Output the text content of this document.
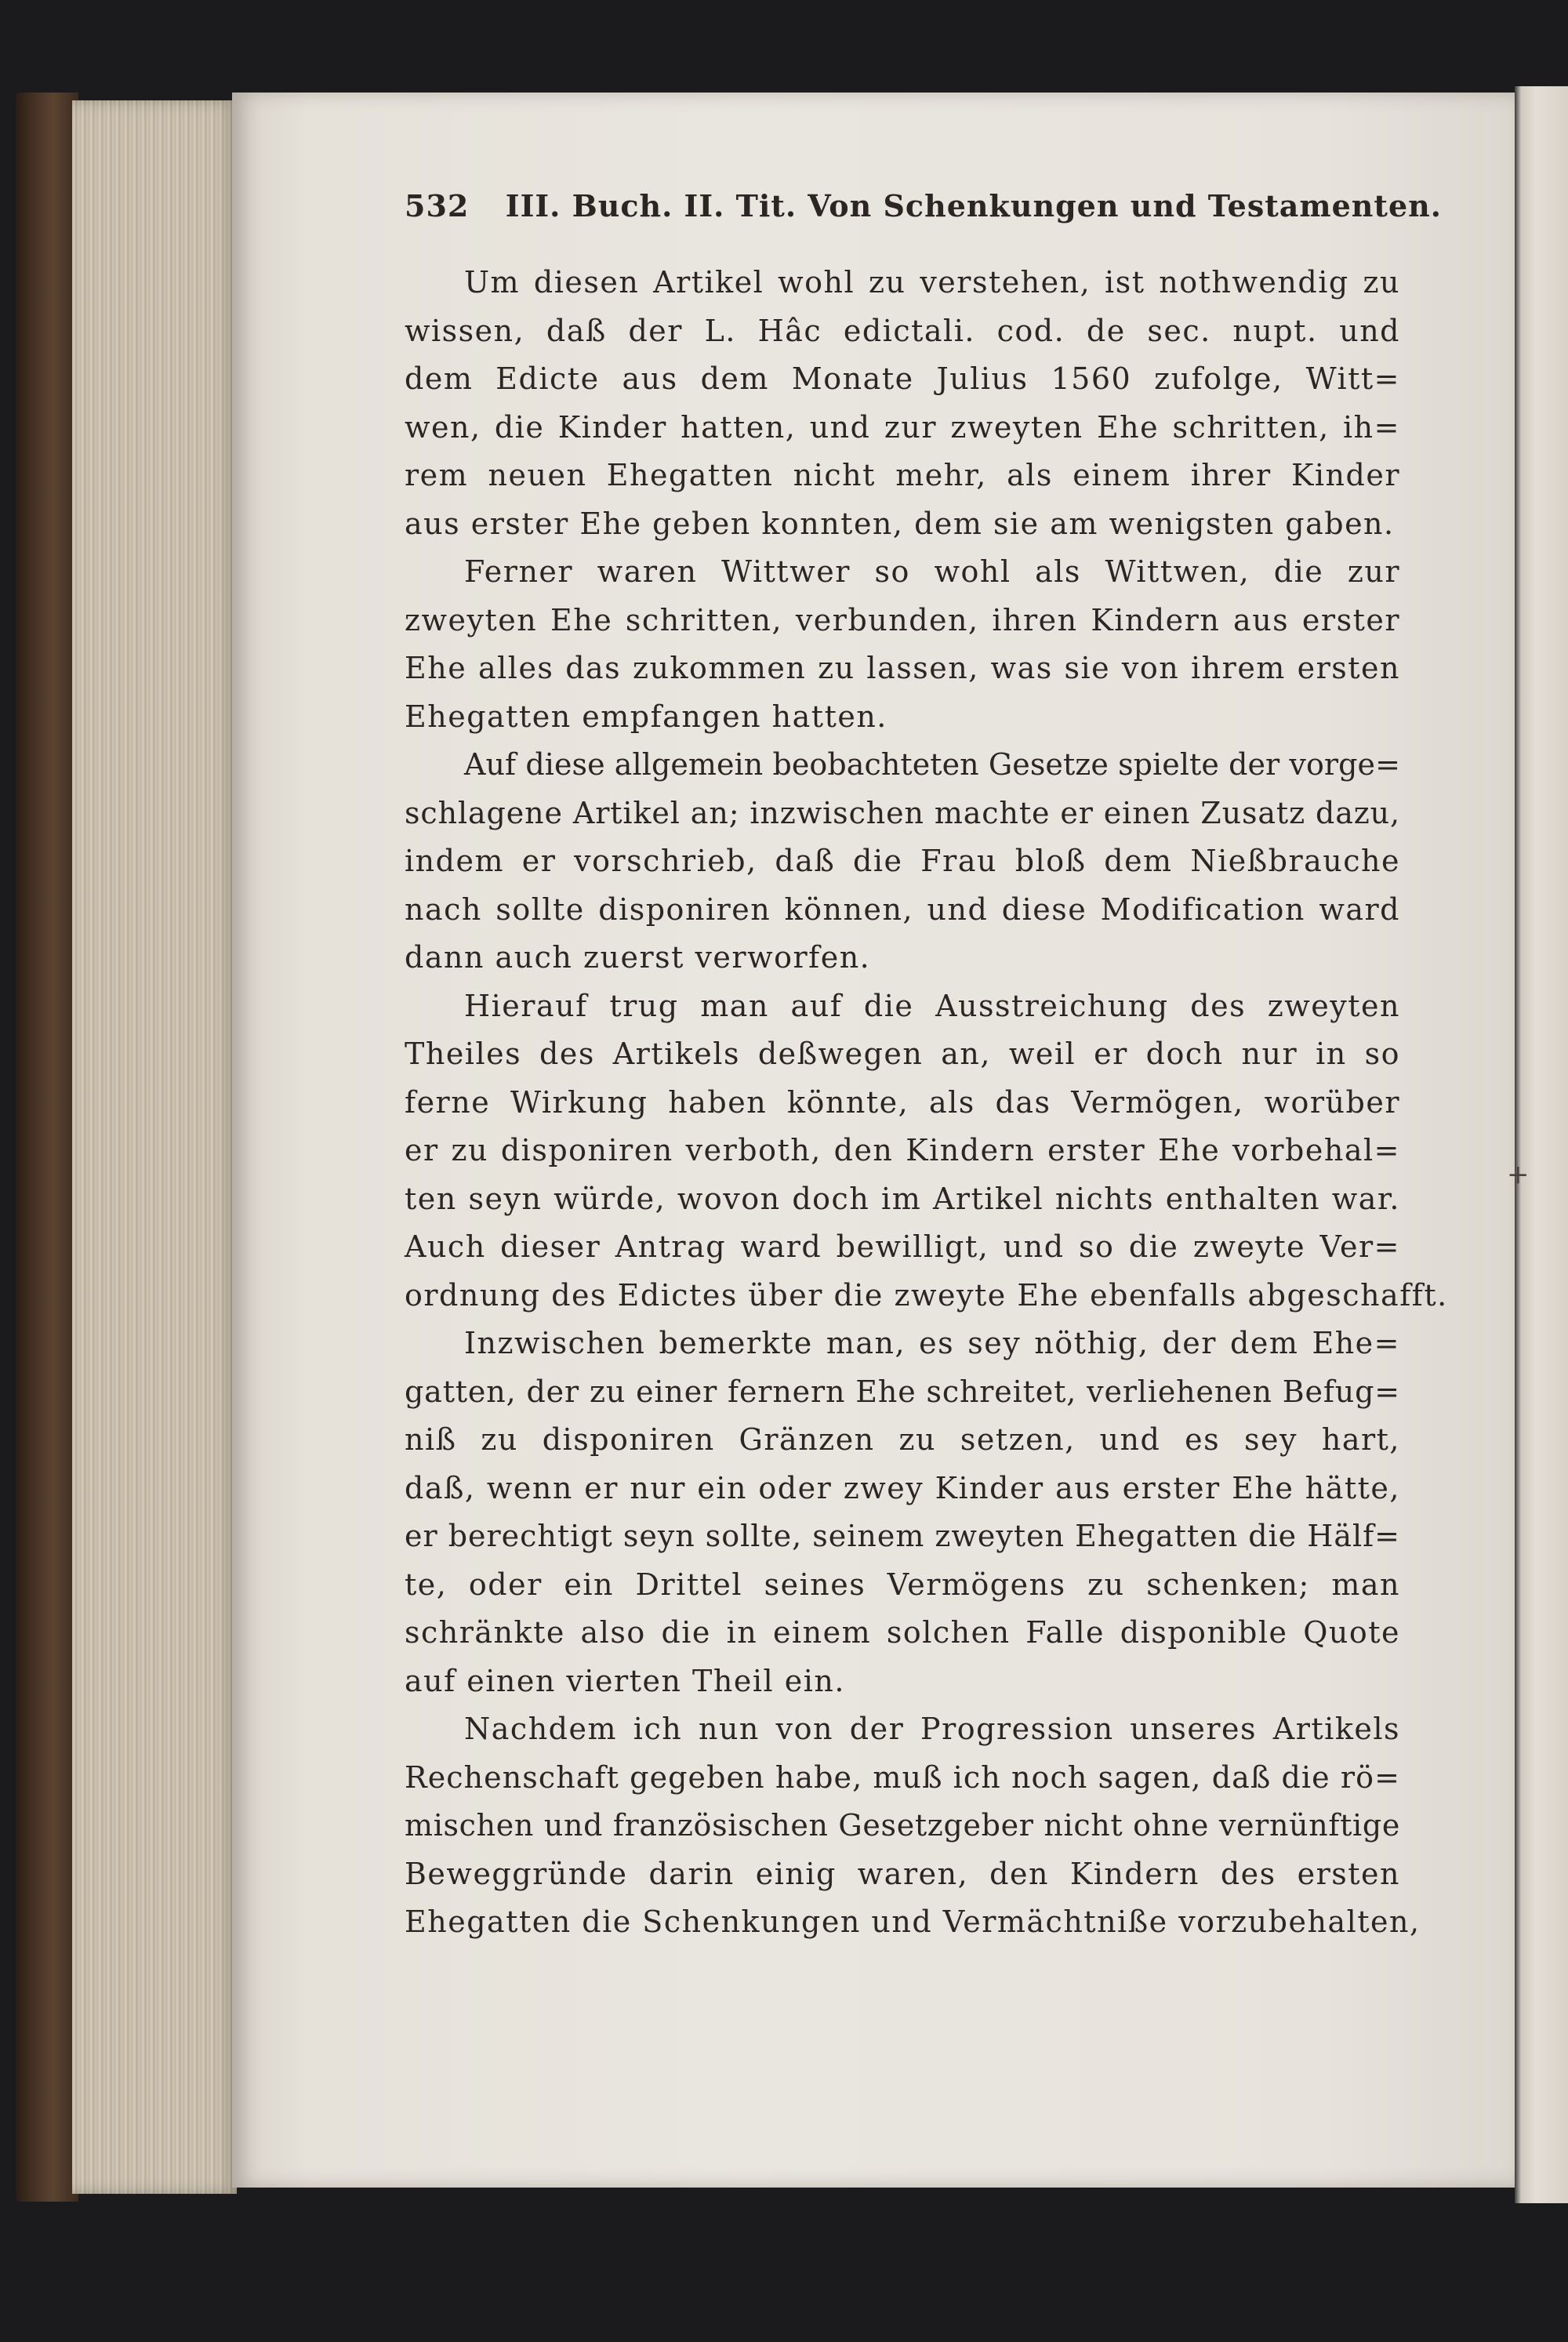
532 III. Buch. II. Tit. Von Schenkungen und Testamenten.
Um diesen Artikel wohl zu verstehen, ist nothwendig zu
wissen, daß der L. Hâc edictali. cod. de sec. nupt. und
dem Edicte aus dem Monate Julius 1560 zufolge, Witt=
wen, die Kinder hatten, und zur zweyten Ehe schritten, ih=
rem neuen Ehegatten nicht mehr, als einem ihrer Kinder
aus erster Ehe geben konnten, dem sie am wenigsten gaben.
Ferner waren Wittwer so wohl als Wittwen, die zur
zweyten Ehe schritten, verbunden, ihren Kindern aus erster
Ehe alles das zukommen zu lassen, was sie von ihrem ersten
Ehegatten empfangen hatten.
Auf diese allgemein beobachteten Gesetze spielte der vorge=
schlagene Artikel an; inzwischen machte er einen Zusatz dazu,
indem er vorschrieb, daß die Frau bloß dem Nießbrauche
nach sollte disponiren können, und diese Modification ward
dann auch zuerst verworfen.
Hierauf trug man auf die Ausstreichung des zweyten
Theiles des Artikels deßwegen an, weil er doch nur in so
ferne Wirkung haben könnte, als das Vermögen, worüber
er zu disponiren verboth, den Kindern erster Ehe vorbehal=
ten seyn würde, wovon doch im Artikel nichts enthalten war.
Auch dieser Antrag ward bewilligt, und so die zweyte Ver=
ordnung des Edictes über die zweyte Ehe ebenfalls abgeschafft.
Inzwischen bemerkte man, es sey nöthig, der dem Ehe=
gatten, der zu einer fernern Ehe schreitet, verliehenen Befug=
niß zu disponiren Gränzen zu setzen, und es sey hart,
daß, wenn er nur ein oder zwey Kinder aus erster Ehe hätte,
er berechtigt seyn sollte, seinem zweyten Ehegatten die Hälf=
te, oder ein Drittel seines Vermögens zu schenken; man
schränkte also die in einem solchen Falle disponible Quote
auf einen vierten Theil ein.
Nachdem ich nun von der Progression unseres Artikels
Rechenschaft gegeben habe, muß ich noch sagen, daß die rö=
mischen und französischen Gesetzgeber nicht ohne vernünftige
Beweggründe darin einig waren, den Kindern des ersten
Ehegatten die Schenkungen und Vermächtniße vorzubehalten,
+
